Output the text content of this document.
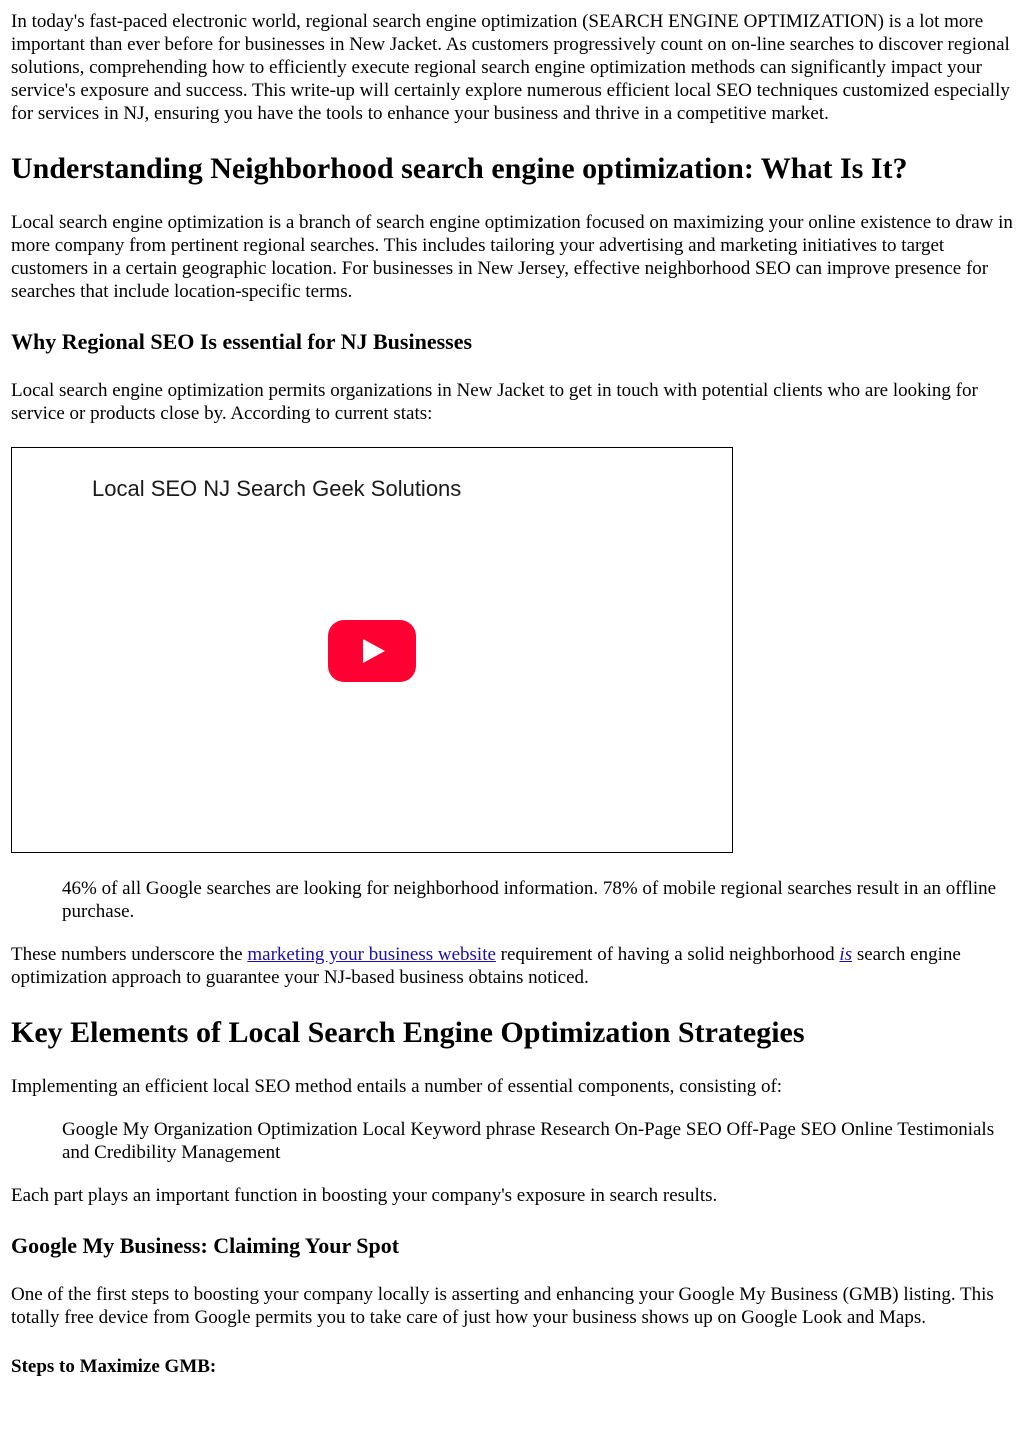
In today's fast-paced electronic world, regional search engine optimization (SEARCH ENGINE OPTIMIZATION) is a lot more important than ever before for businesses in New Jacket. As customers progressively count on on-line searches to discover regional solutions, comprehending how to efficiently execute regional search engine optimization methods can significantly impact your service's exposure and success. This write-up will certainly explore numerous efficient local SEO techniques customized especially for services in NJ, ensuring you have the tools to enhance your business and thrive in a competitive market.

Understanding Neighborhood search engine optimization: What Is It?

Local search engine optimization is a branch of search engine optimization focused on maximizing your online existence to draw in more company from pertinent regional searches. This includes tailoring your advertising and marketing initiatives to target customers in a certain geographic location. For businesses in New Jersey, effective neighborhood SEO can improve presence for searches that include location-specific terms.

Why Regional SEO Is essential for NJ Businesses

Local search engine optimization permits organizations in New Jacket to get in touch with potential clients who are looking for service or products close by. According to current stats:

Local SEO NJ Search Geek Solutions

46% of all Google searches are looking for neighborhood information. 78% of mobile regional searches result in an offline purchase.

These numbers underscore the marketing your business website requirement of having a solid neighborhood is search engine optimization approach to guarantee your NJ-based business obtains noticed.

Key Elements of Local Search Engine Optimization Strategies

Implementing an efficient local SEO method entails a number of essential components, consisting of:

Google My Organization Optimization Local Keyword phrase Research On-Page SEO Off-Page SEO Online Testimonials and Credibility Management

Each part plays an important function in boosting your company's exposure in search results.

Google My Business: Claiming Your Spot

One of the first steps to boosting your company locally is asserting and enhancing your Google My Business (GMB) listing. This totally free device from Google permits you to take care of just how your business shows up on Google Look and Maps.

Steps to Maximize GMB:
